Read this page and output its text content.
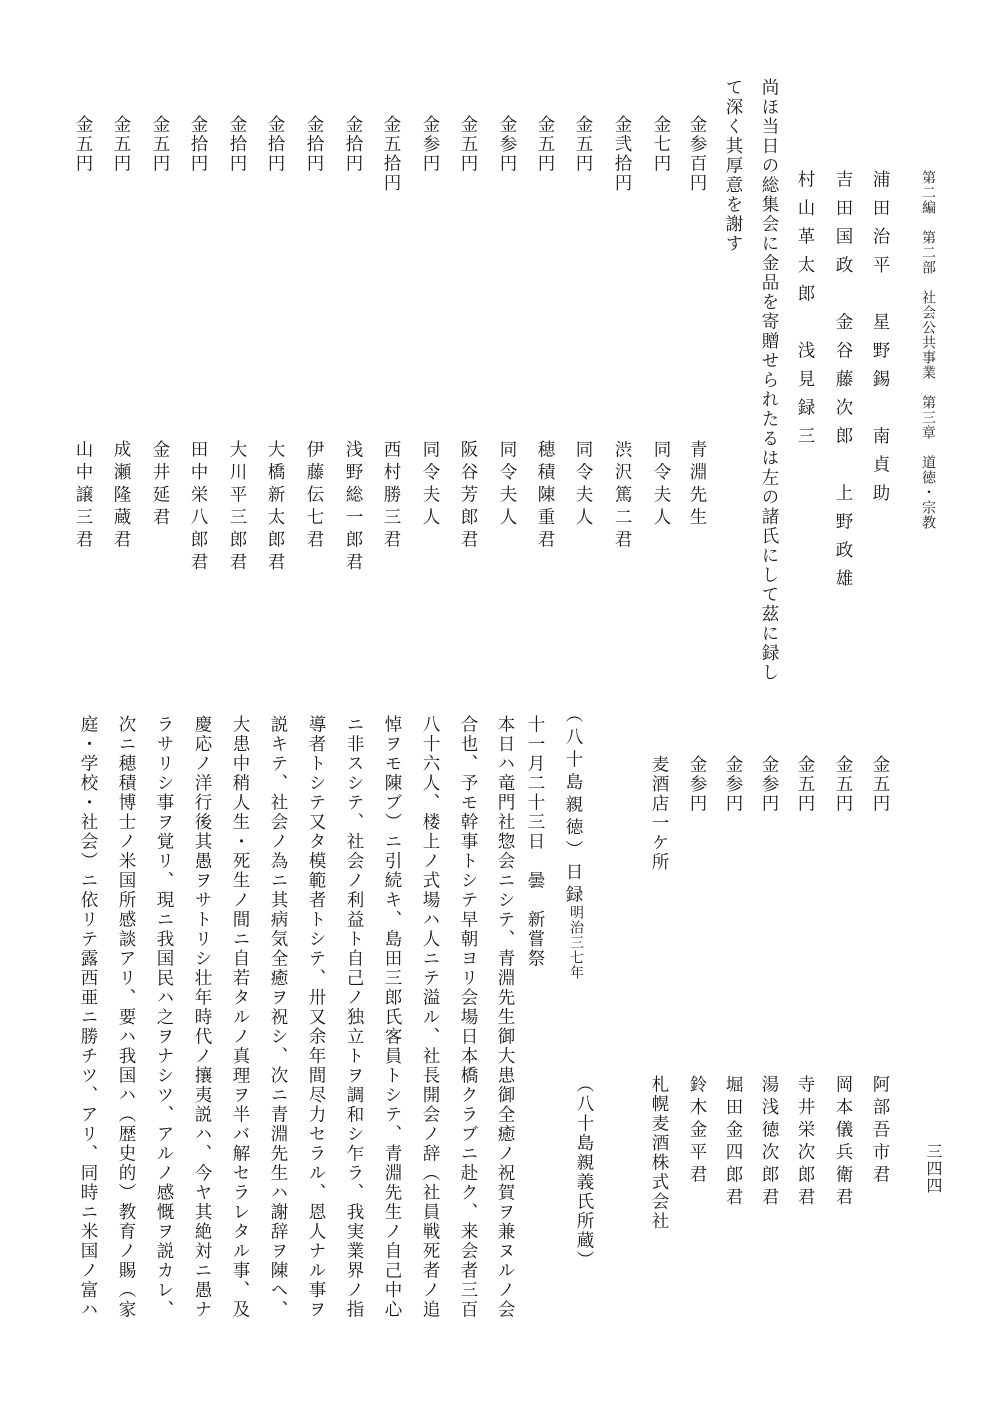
第二編　第二部　社会公共事業　第三章　道徳・宗教
三四四
浦田治平　星野錫　南貞助
吉田国政　金谷藤次郎　上野政雄
村山革太郎　浅見録三
尚ほ当日の総集会に金品を寄贈せられたるは左の諸氏にして茲に録し
て深く其厚意を謝す
金参百円
青淵先生
金七円
同令夫人
金弐拾円
渋沢篤二君
金五円
同令夫人
金五円
穂積陳重君
金参円
同令夫人
金五円
阪谷芳郎君
金参円
同令夫人
金五拾円
西村勝三君
金拾円
浅野総一郎君
金拾円
伊藤伝七君
金拾円
大橋新太郎君
金拾円
大川平三郎君
金拾円
田中栄八郎君
金五円
金井延君
金五円
成瀬隆蔵君
金五円
山中譲三君
金五円
阿部吾市君
金五円
岡本儀兵衛君
金五円
寺井栄次郎君
金参円
湯浅徳次郎君
金参円
堀田金四郎君
金参円
鈴木金平君
麦酒店一ケ所
札幌麦酒株式会社
（八十島親義氏所蔵）
（八十島親徳）日録
明治三七年
十一月二十三日　曇　新嘗祭
本日ハ竜門社惣会ニシテ、青淵先生御大患御全癒ノ祝賀ヲ兼ヌルノ会
合也、予モ幹事トシテ早朝ヨリ会場日本橋クラブニ赴ク、来会者三百
八十六人、楼上ノ式場ハ人ニテ溢ル、社長開会ノ辞（社員戦死者ノ追
悼ヲモ陳ブ）ニ引続キ、島田三郎氏客員トシテ、青淵先生ノ自己中心
ニ非スシテ、社会ノ利益ト自己ノ独立トヲ調和シ乍ラ、我実業界ノ指
導者トシテ又タ模範者トシテ、卅又余年間尽力セラル、恩人ナル事ヲ
説キテ、社会ノ為ニ其病気全癒ヲ祝シ、次ニ青淵先生ハ謝辞ヲ陳ヘ、
大患中稍人生・死生ノ間ニ自若タルノ真理ヲ半バ解セラレタル事、及
慶応ノ洋行後其愚ヲサトリシ壮年時代ノ攘夷説ハ、今ヤ其絶対ニ愚ナ
ラサリシ事ヲ覚リ、現ニ我国民ハ之ヲナシツ、アルノ感慨ヲ説カレ、
次ニ穂積博士ノ米国所感談アリ、要ハ我国ハ（歴史的）教育ノ賜（家
庭・学校・社会）ニ依リテ露西亜ニ勝チツ、アリ、同時ニ米国ノ富ハ
